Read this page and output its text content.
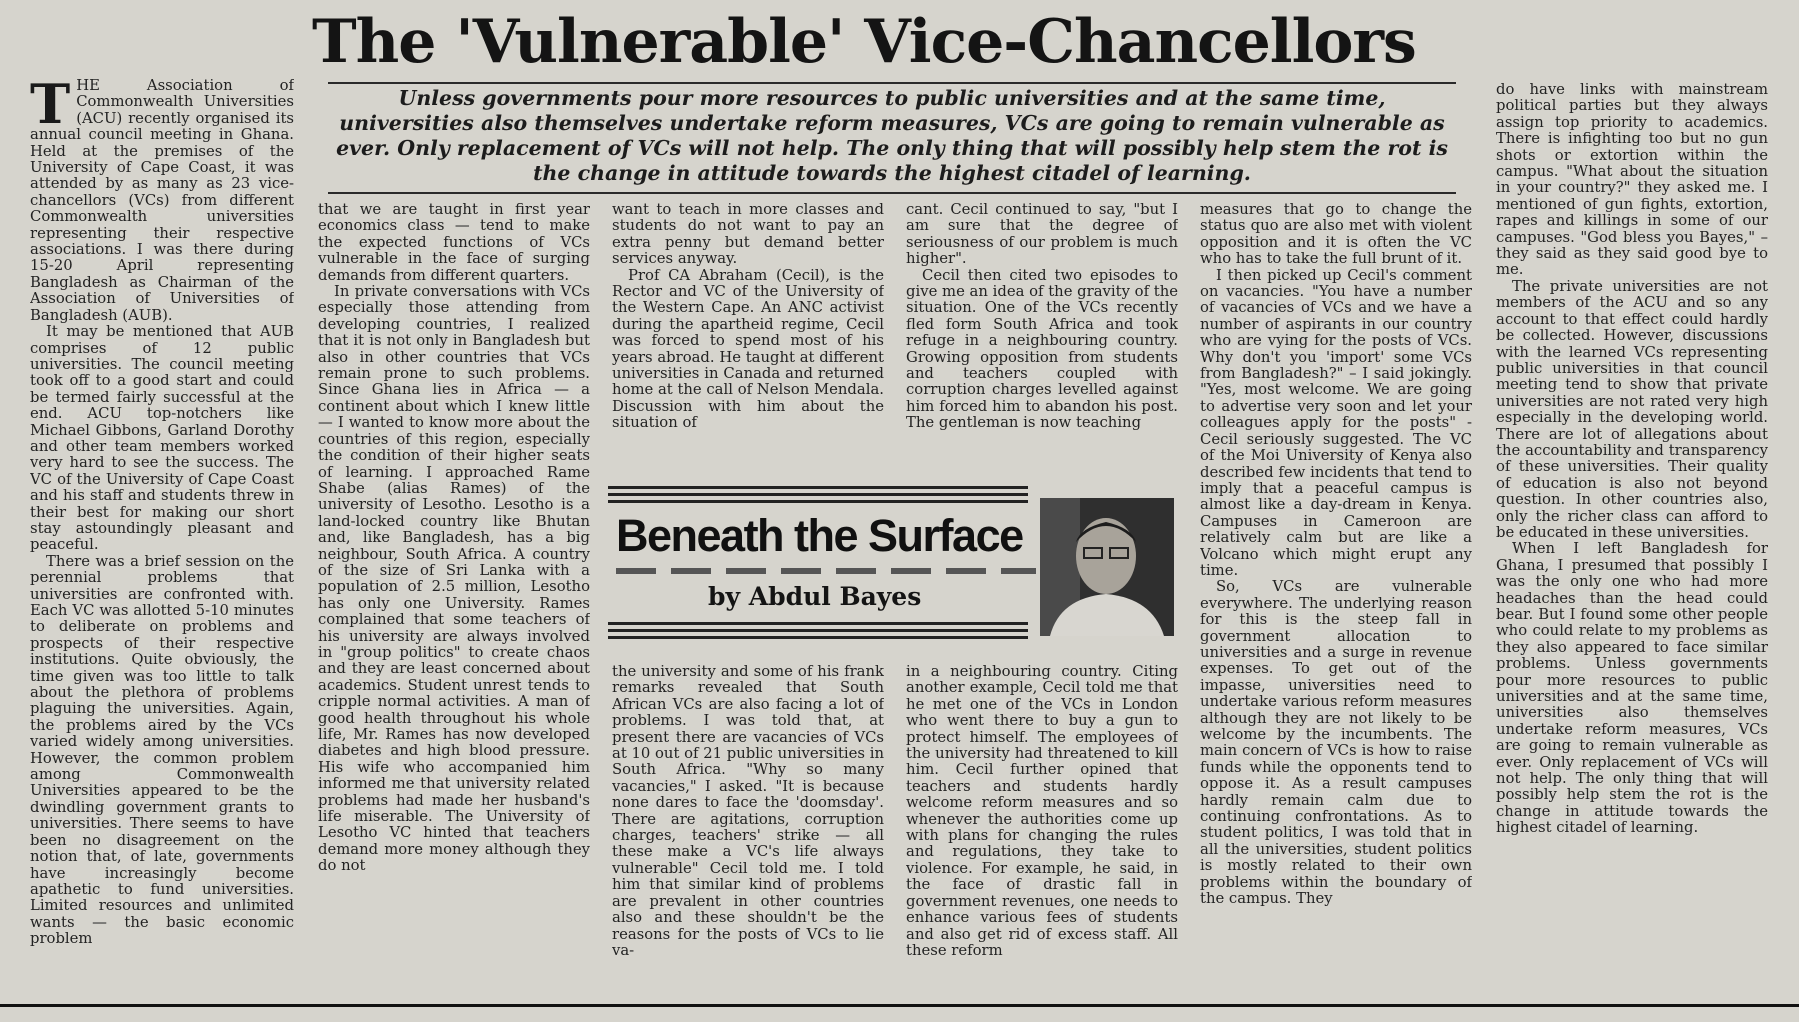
The 'Vulnerable' Vice-Chancellors
Unless governments pour more resources to public universities and at the same time, universities also themselves undertake reform measures, VCs are going to remain vulnerable as ever. Only replacement of VCs will not help. The only thing that will possibly help stem the rot is the change in attitude towards the highest citadel of learning.

THE Association of Commonwealth Universities (ACU) recently organised its annual council meeting in Ghana. Held at the premises of the University of Cape Coast, it was attended by as many as 23 vice-chancellors (VCs) from different Commonwealth universities representing their respective associations. I was there during 15-20 April representing Bangladesh as Chairman of the Association of Universities of Bangladesh (AUB).

It may be mentioned that AUB comprises of 12 public universities. The council meeting took off to a good start and could be termed fairly successful at the end. ACU top-notchers like Michael Gibbons, Garland Dorothy and other team members worked very hard to see the success. The VC of the University of Cape Coast and his staff and students threw in their best for making our short stay astoundingly pleasant and peaceful.

There was a brief session on the perennial problems that universities are confronted with. Each VC was allotted 5-10 minutes to deliberate on problems and prospects of their respective institutions. Quite obviously, the time given was too little to talk about the plethora of problems plaguing the universities. Again, the problems aired by the VCs varied widely among universities. However, the common problem among Commonwealth Universities appeared to be the dwindling government grants to universities. There seems to have been no disagreement on the notion that, of late, governments have increasingly become apathetic to fund universities. Limited resources and unlimited wants — the basic economic problem

that we are taught in first year economics class — tend to make the expected functions of VCs vulnerable in the face of surging demands from different quarters.

In private conversations with VCs especially those attending from developing countries, I realized that it is not only in Bangladesh but also in other countries that VCs remain prone to such problems. Since Ghana lies in Africa — a continent about which I knew little — I wanted to know more about the countries of this region, especially the condition of their higher seats of learning. I approached Rame Shabe (alias Rames) of the university of Lesotho. Lesotho is a land-locked country like Bhutan and, like Bangladesh, has a big neighbour, South Africa. A country of the size of Sri Lanka with a population of 2.5 million, Lesotho has only one University. Rames complained that some teachers of his university are always involved in "group politics" to create chaos and they are least concerned about academics. Student unrest tends to cripple normal activities. A man of good health throughout his whole life, Mr. Rames has now developed diabetes and high blood pressure. His wife who accompanied him informed me that university related problems had made her husband's life miserable. The University of Lesotho VC hinted that teachers demand more money although they do not

want to teach in more classes and students do not want to pay an extra penny but demand better services anyway.

Prof CA Abraham (Cecil), is the Rector and VC of the University of the Western Cape. An ANC activist during the apartheid regime, Cecil was forced to spend most of his years abroad. He taught at different universities in Canada and returned home at the call of Nelson Mendala. Discussion with him about the situation of

cant. Cecil continued to say, "but I am sure that the degree of seriousness of our problem is much higher".

Cecil then cited two episodes to give me an idea of the gravity of the situation. One of the VCs recently fled form South Africa and took refuge in a neighbouring country. Growing opposition from students and teachers coupled with corruption charges levelled against him forced him to abandon his post. The gentleman is now teaching

Beneath the Surface
by Abdul Bayes

the university and some of his frank remarks revealed that South African VCs are also facing a lot of problems. I was told that, at present there are vacancies of VCs at 10 out of 21 public universities in South Africa. "Why so many vacancies," I asked. "It is because none dares to face the 'doomsday'. There are agitations, corruption charges, teachers' strike — all these make a VC's life always vulnerable" Cecil told me. I told him that similar kind of problems are prevalent in other countries also and these shouldn't be the reasons for the posts of VCs to lie va-

in a neighbouring country. Citing another example, Cecil told me that he met one of the VCs in London who went there to buy a gun to protect himself. The employees of the university had threatened to kill him. Cecil further opined that teachers and students hardly welcome reform measures and so whenever the authorities come up with plans for changing the rules and regulations, they take to violence. For example, he said, in the face of drastic fall in government revenues, one needs to enhance various fees of students and also get rid of excess staff. All these reform

measures that go to change the status quo are also met with violent opposition and it is often the VC who has to take the full brunt of it.

I then picked up Cecil's comment on vacancies. "You have a number of vacancies of VCs and we have a number of aspirants in our country who are vying for the posts of VCs. Why don't you 'import' some VCs from Bangladesh?" – I said jokingly. "Yes, most welcome. We are going to advertise very soon and let your colleagues apply for the posts" - Cecil seriously suggested. The VC of the Moi University of Kenya also described few incidents that tend to imply that a peaceful campus is almost like a day-dream in Kenya. Campuses in Cameroon are relatively calm but are like a Volcano which might erupt any time.

So, VCs are vulnerable everywhere. The underlying reason for this is the steep fall in government allocation to universities and a surge in revenue expenses. To get out of the impasse, universities need to undertake various reform measures although they are not likely to be welcome by the incumbents. The main concern of VCs is how to raise funds while the opponents tend to oppose it. As a result campuses hardly remain calm due to continuing confrontations. As to student politics, I was told that in all the universities, student politics is mostly related to their own problems within the boundary of the campus. They

do have links with mainstream political parties but they always assign top priority to academics. There is infighting too but no gun shots or extortion within the campus. "What about the situation in your country?" they asked me. I mentioned of gun fights, extortion, rapes and killings in some of our campuses. "God bless you Bayes," – they said as they said good bye to me.

The private universities are not members of the ACU and so any account to that effect could hardly be collected. However, discussions with the learned VCs representing public universities in that council meeting tend to show that private universities are not rated very high especially in the developing world. There are lot of allegations about the accountability and transparency of these universities. Their quality of education is also not beyond question. In other countries also, only the richer class can afford to be educated in these universities.

When I left Bangladesh for Ghana, I presumed that possibly I was the only one who had more headaches than the head could bear. But I found some other people who could relate to my problems as they also appeared to face similar problems. Unless governments pour more resources to public universities and at the same time, universities also themselves undertake reform measures, VCs are going to remain vulnerable as ever. Only replacement of VCs will not help. The only thing that will possibly help stem the rot is the change in attitude towards the highest citadel of learning.
